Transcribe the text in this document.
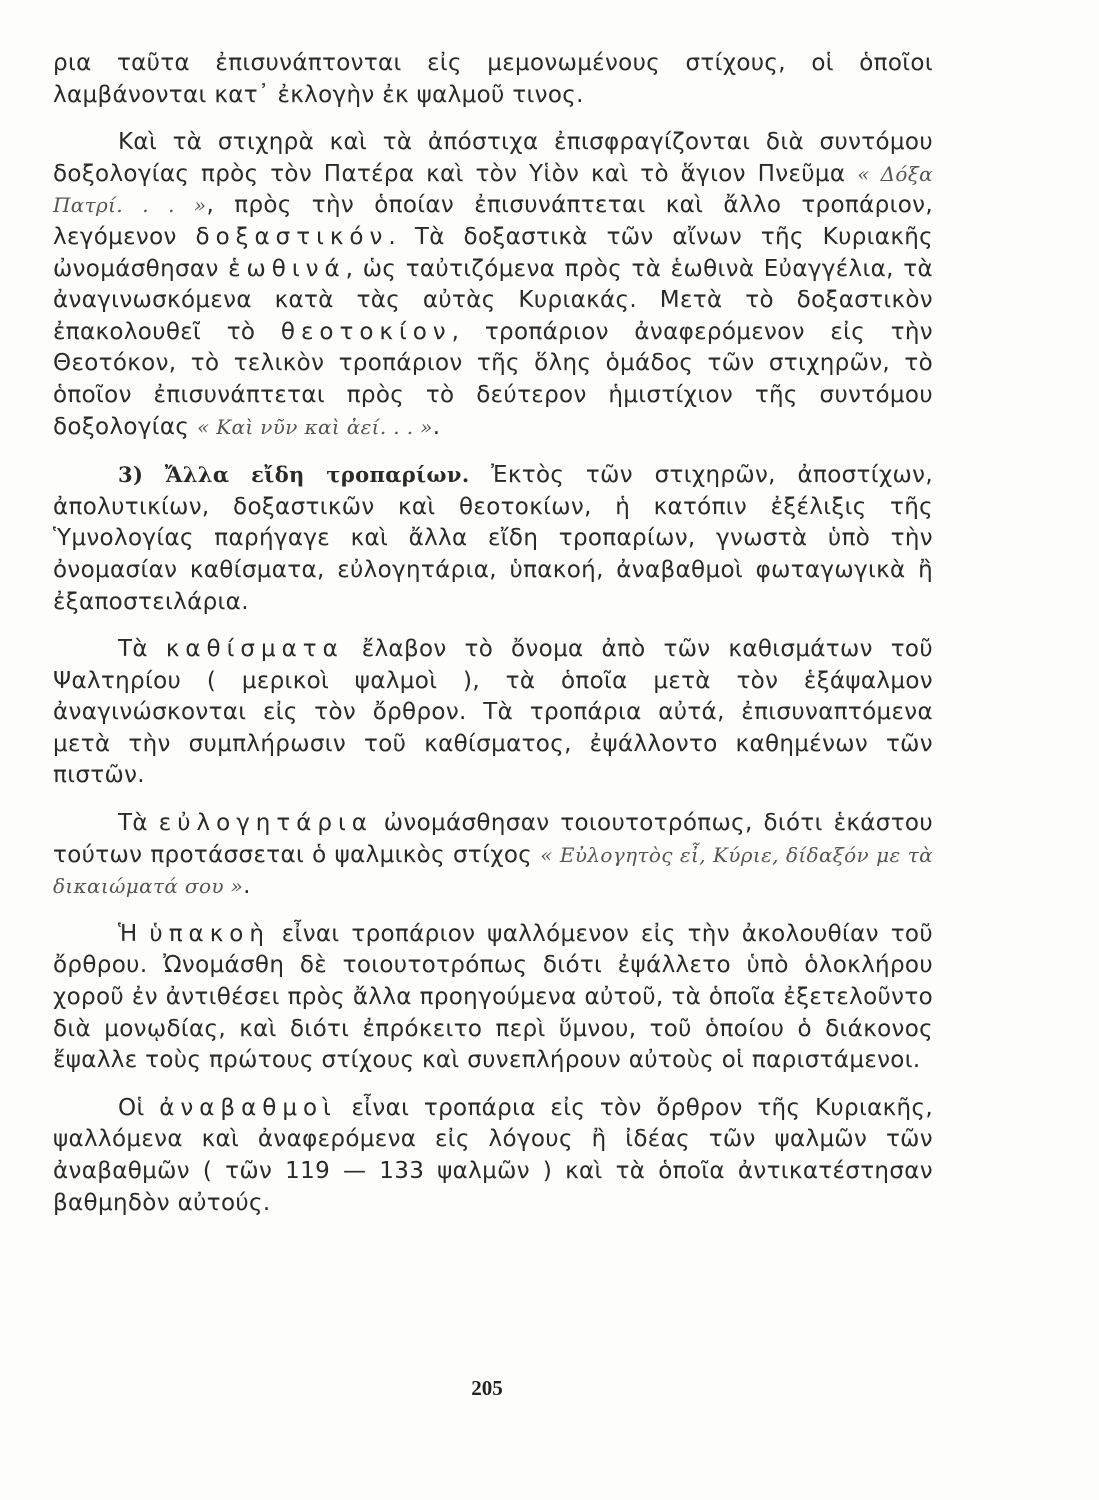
ρια ταῦτα ἐπισυνάπτονται εἰς μεμονωμένους στίχους, οἱ ὁποῖοι λαμβάνονται κατ᾽ ἐκλογὴν ἐκ ψαλμοῦ τινος.

Καὶ τὰ στιχηρὰ καὶ τὰ ἀπόστιχα ἐπισφραγίζονται διὰ συντόμου δοξολογίας πρὸς τὸν Πατέρα καὶ τὸν Υἱὸν καὶ τὸ ἅγιον Πνεῦμα « Δόξα Πατρί. . . », πρὸς τὴν ὁποίαν ἐπισυνάπτεται καὶ ἄλλο τροπάριον, λεγόμενον δοξαστικόν. Τὰ δοξαστικὰ τῶν αἴνων τῆς Κυριακῆς ὠνομάσθησαν ἑωθινά, ὡς ταὐτιζόμενα πρὸς τὰ ἑωθινὰ Εὐαγγέλια, τὰ ἀναγινωσκόμενα κατὰ τὰς αὐτὰς Κυριακάς. Μετὰ τὸ δοξαστικὸν ἐπακολουθεῖ τὸ θεοτοκίον, τροπάριον ἀναφερόμενον εἰς τὴν Θεοτόκον, τὸ τελικὸν τροπάριον τῆς ὅλης ὁμάδος τῶν στιχηρῶν, τὸ ὁποῖον ἐπισυνάπτεται πρὸς τὸ δεύτερον ἡμιστίχιον τῆς συντόμου δοξολογίας « Καὶ νῦν καὶ ἀεί. . . ».

3) Ἄλλα εἴδη τροπαρίων. Ἐκτὸς τῶν στιχηρῶν, ἀποστίχων, ἀπολυτικίων, δοξαστικῶν καὶ θεοτοκίων, ἡ κατόπιν ἐξέλιξις τῆς Ὑμνολογίας παρήγαγε καὶ ἄλλα εἴδη τροπαρίων, γνωστὰ ὑπὸ τὴν ὀνομασίαν καθίσματα, εὐλογητάρια, ὑπακοή, ἀναβαθμοὶ φωταγωγικὰ ἢ ἐξαποστειλάρια.

Τὰ καθίσματα ἔλαβον τὸ ὄνομα ἀπὸ τῶν καθισμάτων τοῦ Ψαλτηρίου ( μερικοὶ ψαλμοὶ ), τὰ ὁποῖα μετὰ τὸν ἑξάψαλμον ἀναγινώσκονται εἰς τὸν ὄρθρον. Τὰ τροπάρια αὐτά, ἐπισυναπτόμενα μετὰ τὴν συμπλήρωσιν τοῦ καθίσματος, ἐψάλλοντο καθημένων τῶν πιστῶν.

Τὰ εὐλογητάρια ὠνομάσθησαν τοιουτοτρόπως, διότι ἑκάστου τούτων προτάσσεται ὁ ψαλμικὸς στίχος « Εὐλογητὸς εἶ, Κύριε, δίδαξόν με τὰ δικαιώματά σου ».

Ἡ ὑπακοὴ εἶναι τροπάριον ψαλλόμενον εἰς τὴν ἀκολουθίαν τοῦ ὄρθρου. Ὠνομάσθη δὲ τοιουτοτρόπως διότι ἐψάλλετο ὑπὸ ὁλοκλήρου χοροῦ ἐν ἀντιθέσει πρὸς ἄλλα προηγούμενα αὐτοῦ, τὰ ὁποῖα ἐξετελοῦντο διὰ μονῳδίας, καὶ διότι ἐπρόκειτο περὶ ὕμνου, τοῦ ὁποίου ὁ διάκονος ἔψαλλε τοὺς πρώτους στίχους καὶ συνεπλήρουν αὐτοὺς οἱ παριστάμενοι.

Οἱ ἀναβαθμοὶ εἶναι τροπάρια εἰς τὸν ὄρθρον τῆς Κυριακῆς, ψαλλόμενα καὶ ἀναφερόμενα εἰς λόγους ἢ ἰδέας τῶν ψαλμῶν τῶν ἀναβαθμῶν ( τῶν 119 — 133 ψαλμῶν ) καὶ τὰ ὁποῖα ἀντικατέστησαν βαθμηδὸν αὐτούς.

205
